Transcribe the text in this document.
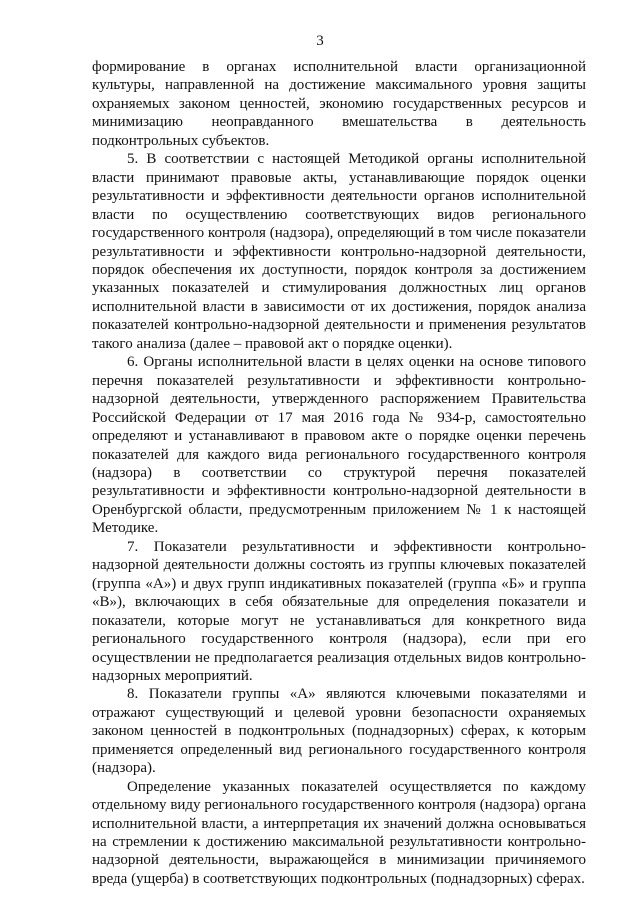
3

формирование в органах исполнительной власти организационной культуры, направленной на достижение максимального уровня защиты охраняемых законом ценностей, экономию государственных ресурсов и минимизацию неоправданного вмешательства в деятельность подконтрольных субъектов.

5. В соответствии с настоящей Методикой органы исполнительной власти принимают правовые акты, устанавливающие порядок оценки результативности и эффективности деятельности органов исполнительной власти по осуществлению соответствующих видов регионального государственного контроля (надзора), определяющий в том числе показатели результативности и эффективности контрольно-надзорной деятельности, порядок обеспечения их доступности, порядок контроля за достижением указанных показателей и стимулирования должностных лиц органов исполнительной власти в зависимости от их достижения, порядок анализа показателей контрольно-надзорной деятельности и применения результатов такого анализа (далее – правовой акт о порядке оценки).

6. Органы исполнительной власти в целях оценки на основе типового перечня показателей результативности и эффективности контрольно-надзорной деятельности, утвержденного распоряжением Правительства Российской Федерации от 17 мая 2016 года № 934-р, самостоятельно определяют и устанавливают в правовом акте о порядке оценки перечень показателей для каждого вида регионального государственного контроля (надзора) в соответствии со структурой перечня показателей результативности и эффективности контрольно-надзорной деятельности в Оренбургской области, предусмотренным приложением № 1 к настоящей Методике.

7. Показатели результативности и эффективности контрольно-надзорной деятельности должны состоять из группы ключевых показателей (группа «А») и двух групп индикативных показателей (группа «Б» и группа «В»), включающих в себя обязательные для определения показатели и показатели, которые могут не устанавливаться для конкретного вида регионального государственного контроля (надзора), если при его осуществлении не предполагается реализация отдельных видов контрольно-надзорных мероприятий.

8. Показатели группы «А» являются ключевыми показателями и отражают существующий и целевой уровни безопасности охраняемых законом ценностей в подконтрольных (поднадзорных) сферах, к которым применяется определенный вид регионального государственного контроля (надзора).

Определение указанных показателей осуществляется по каждому отдельному виду регионального государственного контроля (надзора) органа исполнительной власти, а интерпретация их значений должна основываться на стремлении к достижению максимальной результативности контрольно-надзорной деятельности, выражающейся в минимизации причиняемого вреда (ущерба) в соответствующих подконтрольных (поднадзорных) сферах.
